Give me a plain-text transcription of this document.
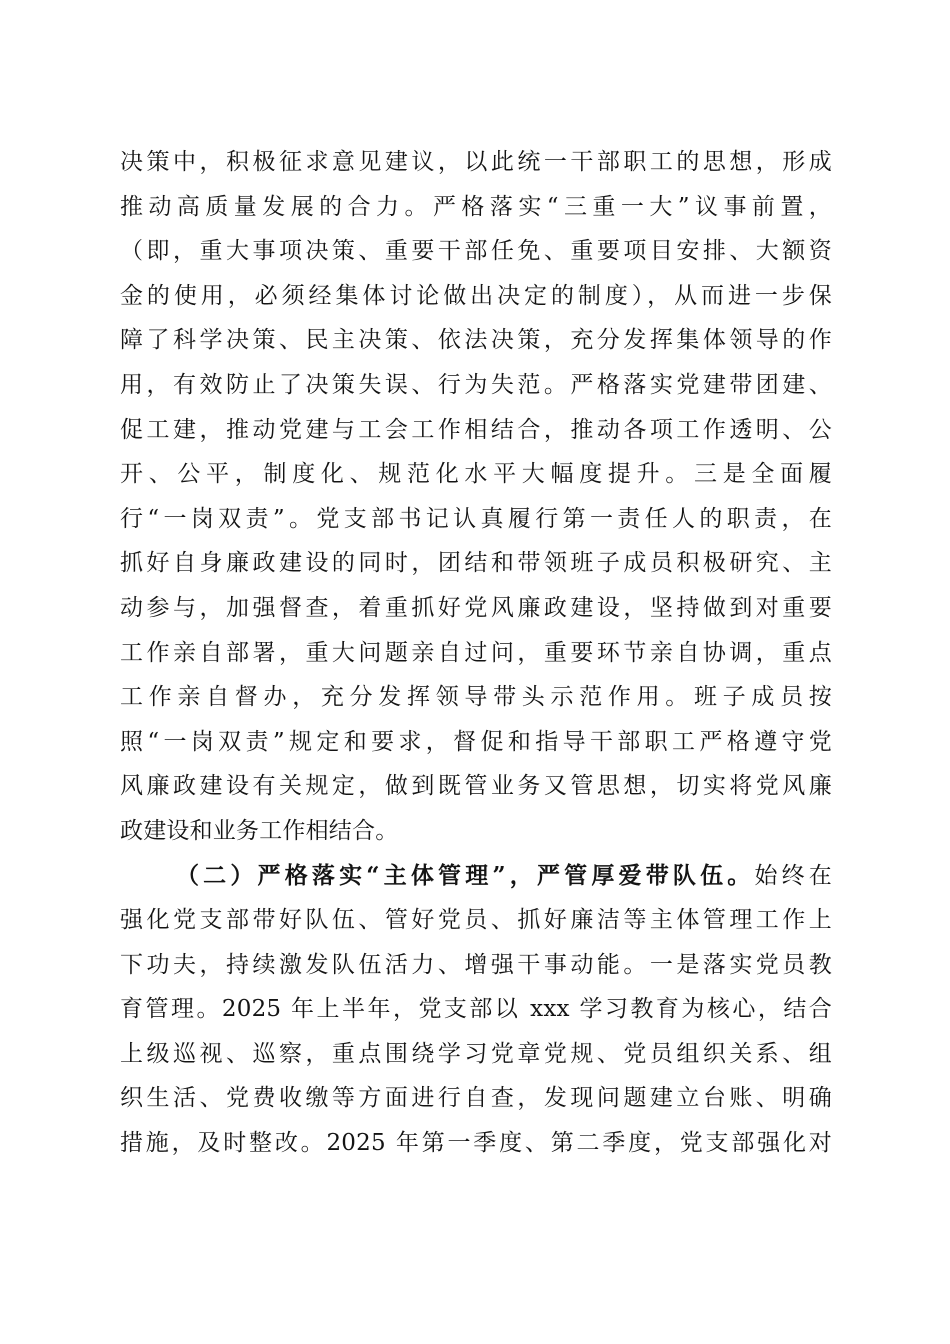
决策中，积极征求意见建议，以此统一干部职工的思想，形成
推动高质量发展的合力。严格落实“三重一大”议事前置，
（即，重大事项决策、重要干部任免、重要项目安排、大额资
金的使用，必须经集体讨论做出决定的制度），从而进一步保
障了科学决策、民主决策、依法决策，充分发挥集体领导的作
用，有效防止了决策失误、行为失范。严格落实党建带团建、
促工建，推动党建与工会工作相结合，推动各项工作透明、公
开、公平，制度化、规范化水平大幅度提升。三是全面履
行“一岗双责”。党支部书记认真履行第一责任人的职责，在
抓好自身廉政建设的同时，团结和带领班子成员积极研究、主
动参与，加强督查，着重抓好党风廉政建设，坚持做到对重要
工作亲自部署，重大问题亲自过问，重要环节亲自协调，重点
工作亲自督办，充分发挥领导带头示范作用。班子成员按
照“一岗双责”规定和要求，督促和指导干部职工严格遵守党
风廉政建设有关规定，做到既管业务又管思想，切实将党风廉
政建设和业务工作相结合。
（二）严格落实“主体管理”，严管厚爱带队伍。始终在
强化党支部带好队伍、管好党员、抓好廉洁等主体管理工作上
下功夫，持续激发队伍活力、增强干事动能。一是落实党员教
育管理。2025 年上半年，党支部以 xxx 学习教育为核心，结合
上级巡视、巡察，重点围绕学习党章党规、党员组织关系、组
织生活、党费收缴等方面进行自查，发现问题建立台账、明确
措施，及时整改。2025 年第一季度、第二季度，党支部强化对
